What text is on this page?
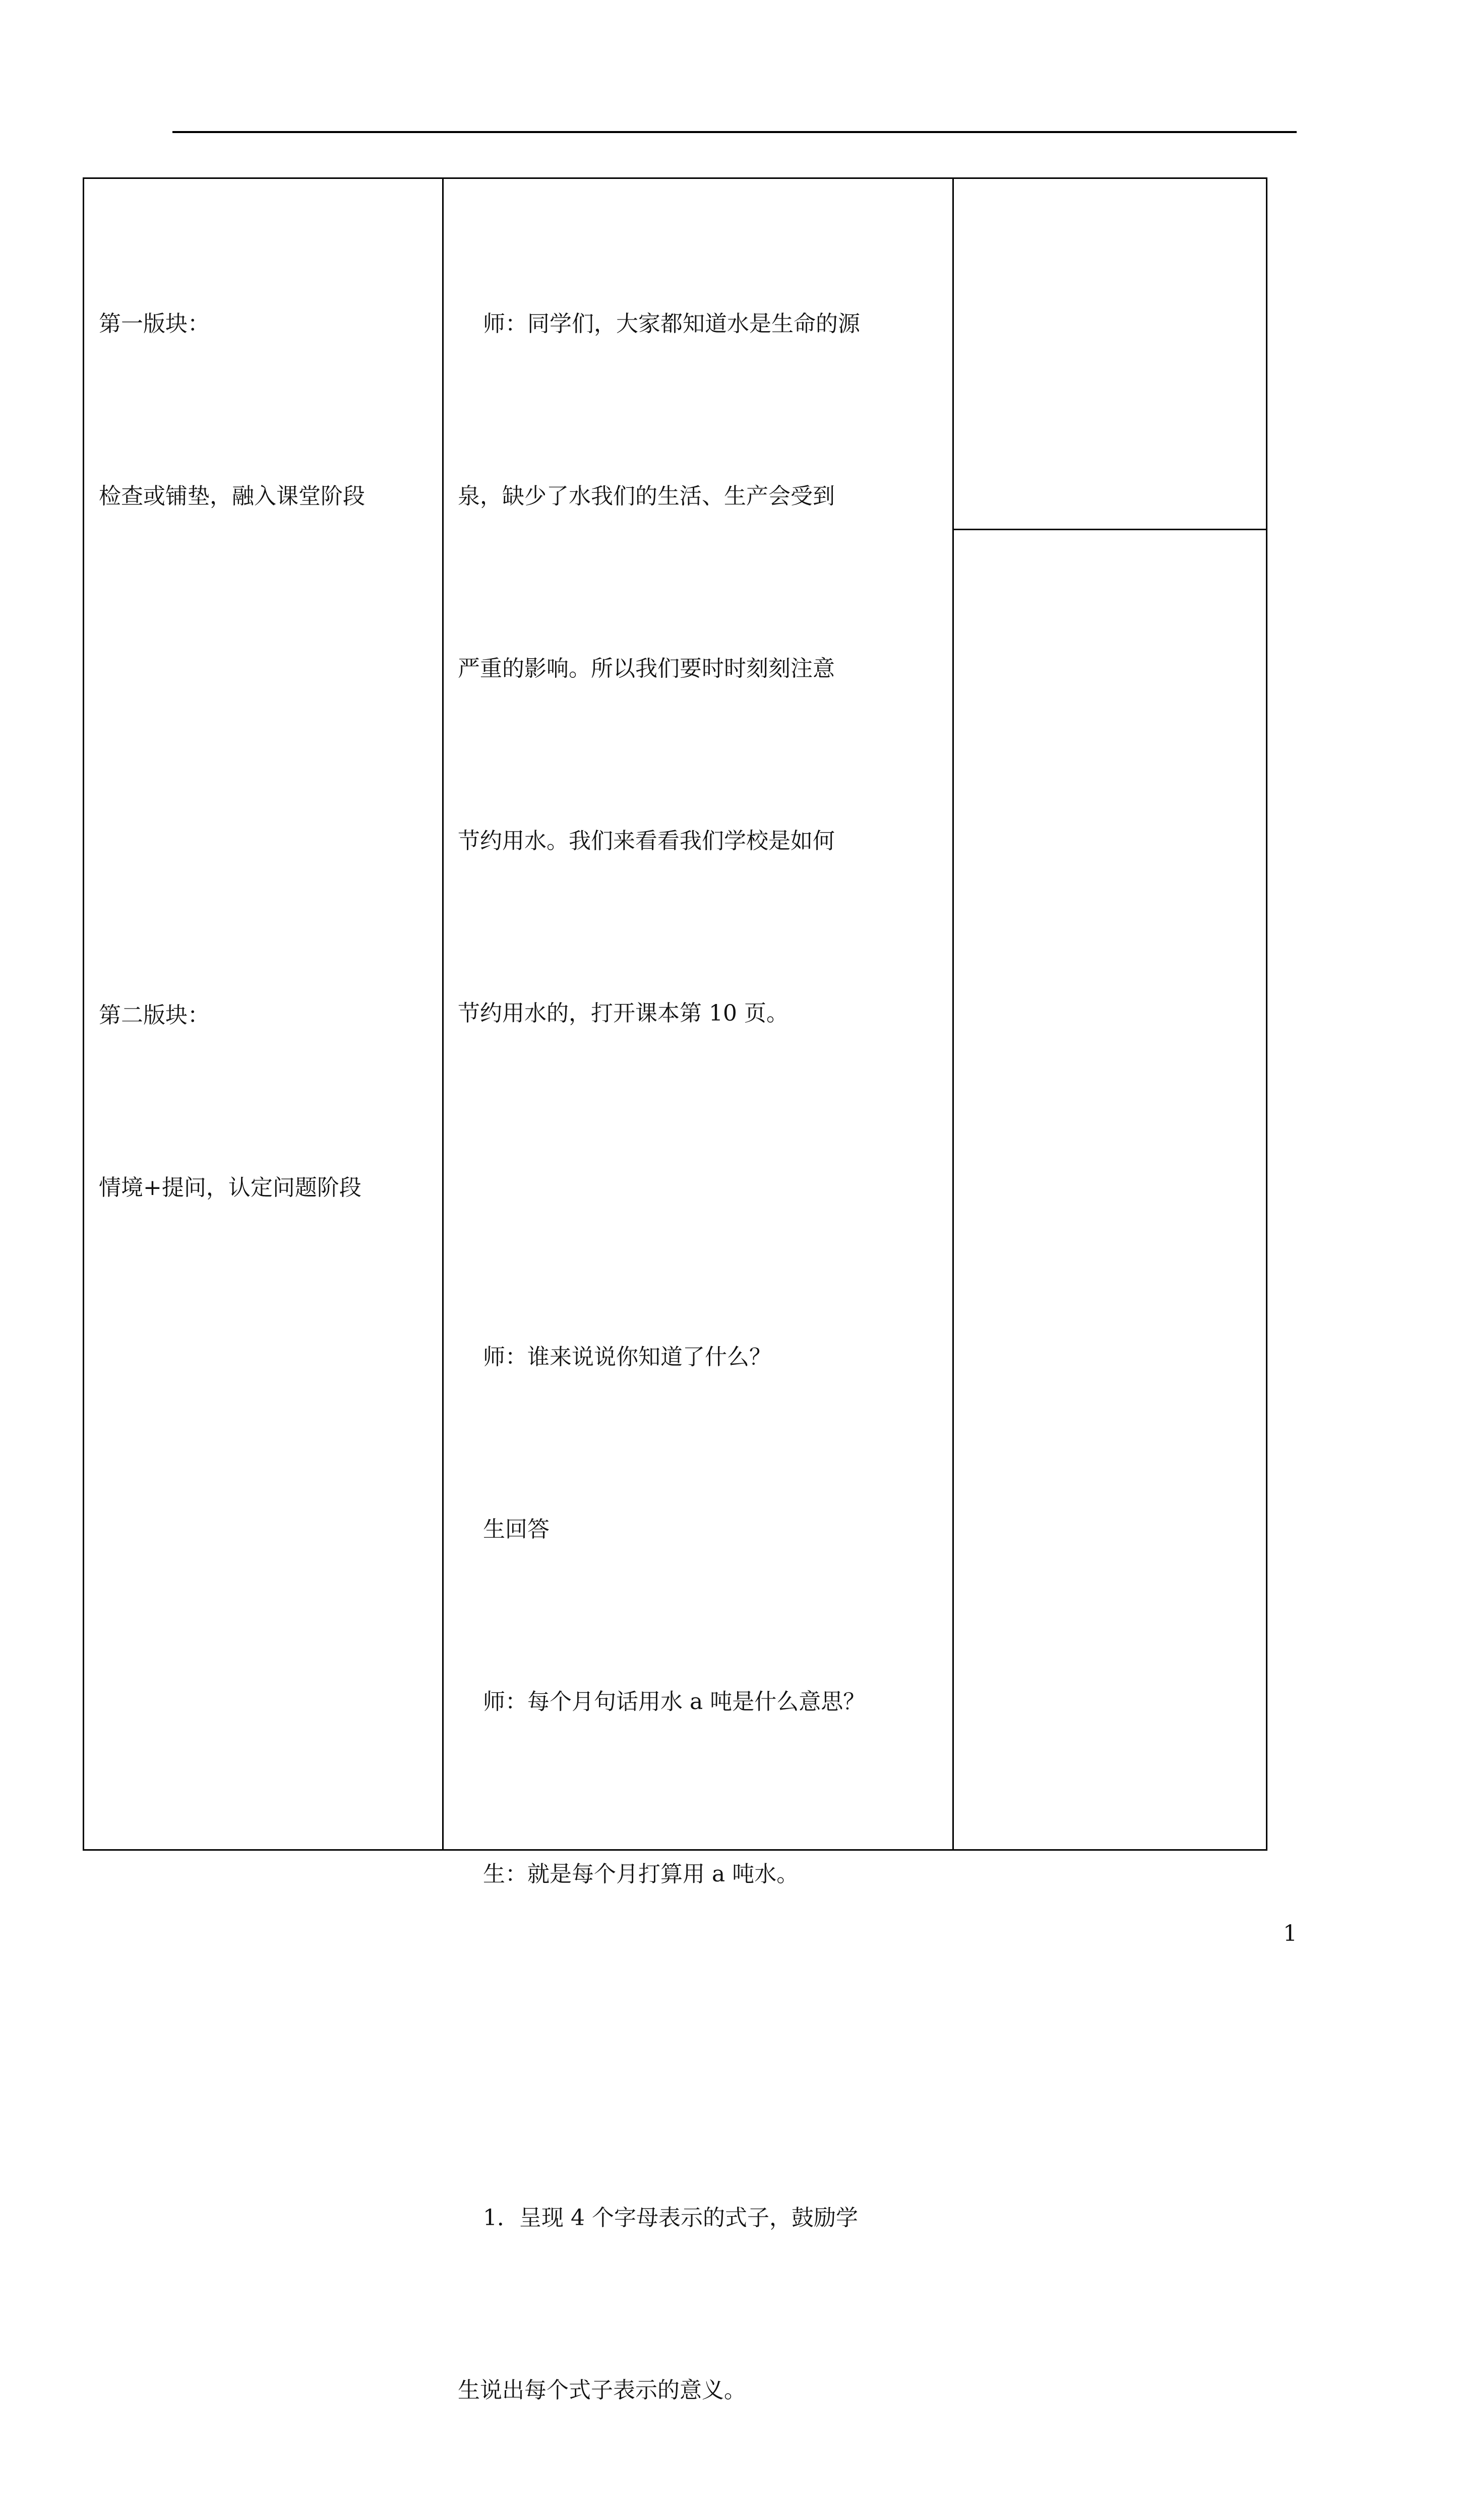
第一版块：

检查或铺垫，融入课堂阶段

第二版块：

情境+提问，认定问题阶段

师：同学们，大家都知道水是生命的源

泉，缺少了水我们的生活、生产会受到

严重的影响。所以我们要时时刻刻注意

节约用水。我们来看看我们学校是如何

节约用水的，打开课本第 10 页。

师：谁来说说你知道了什么？

生回答

师：每个月句话用水 a 吨是什么意思？

生：就是每个月打算用 a 吨水。

1．呈现 4 个字母表示的式子，鼓励学

生说出每个式子表示的意义。

1
